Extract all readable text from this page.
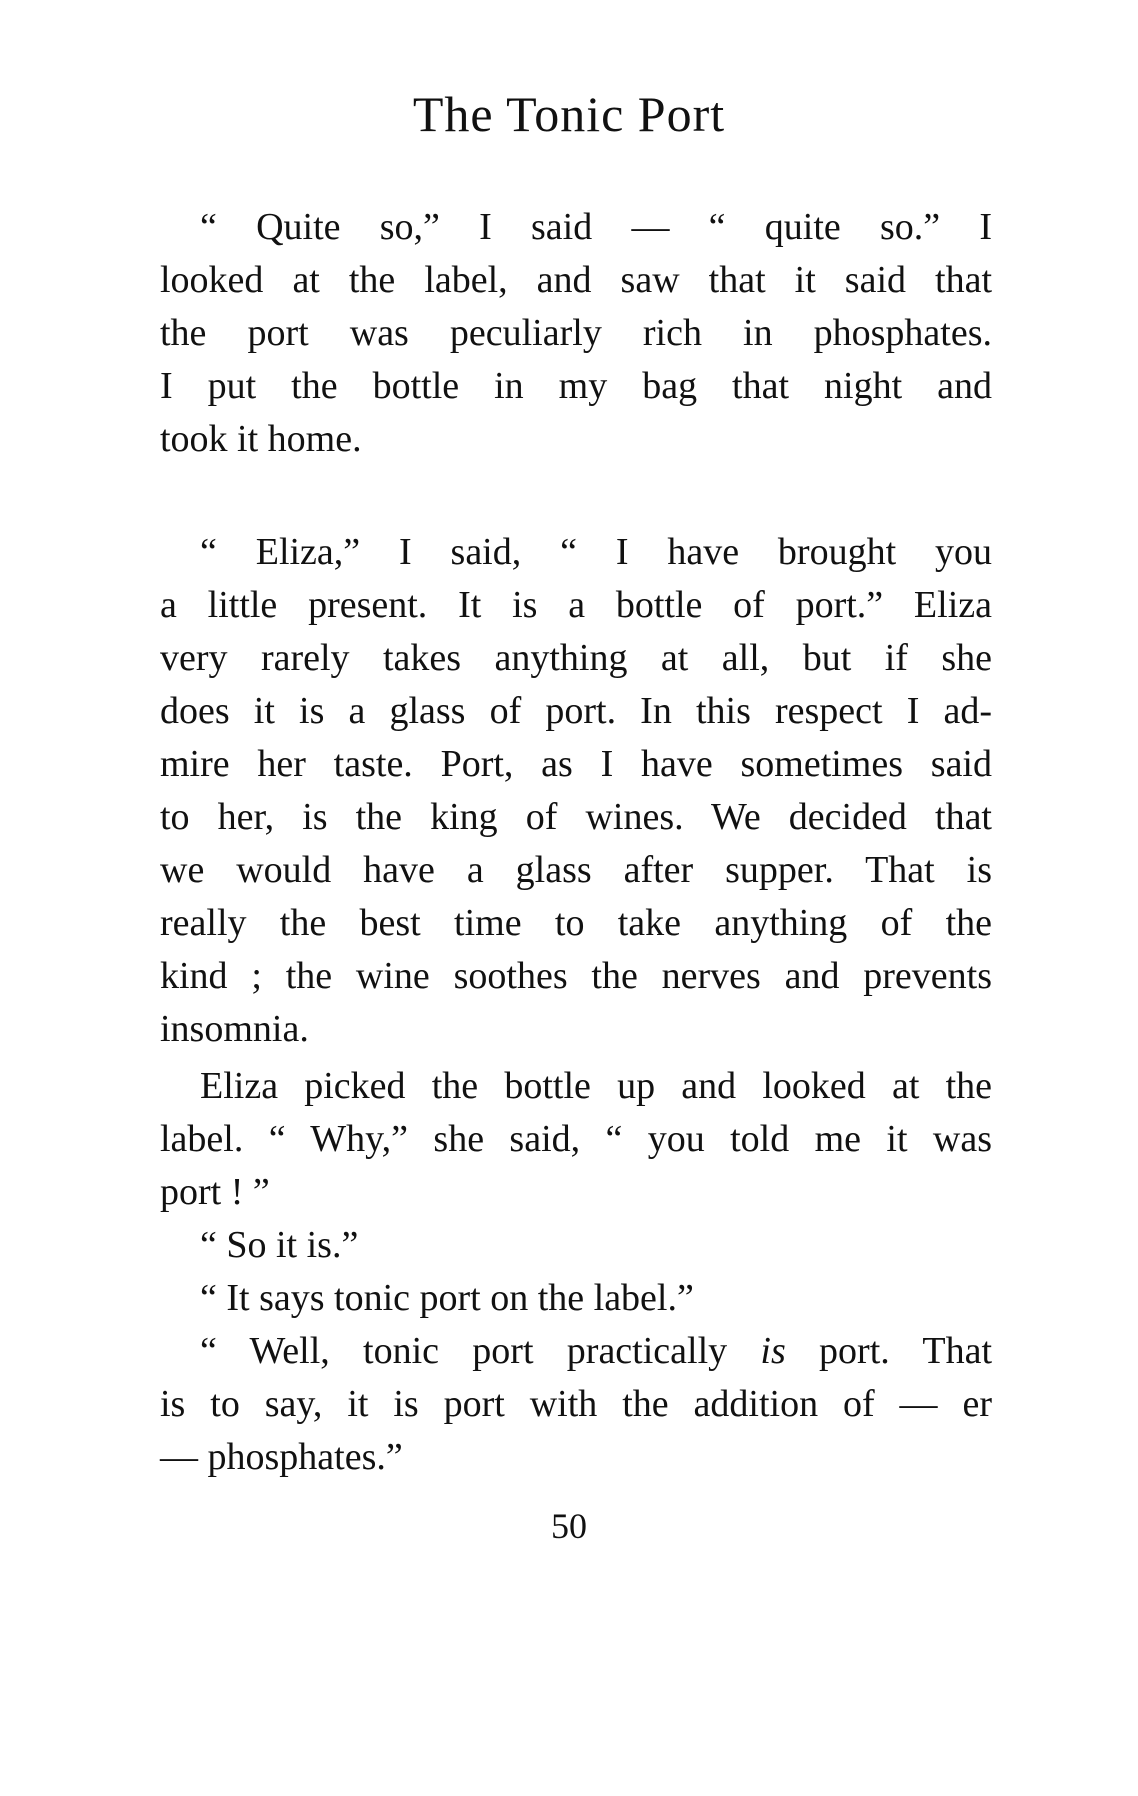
The Tonic Port
“ Quite so,” I said — “ quite so.” I
looked at the label, and saw that it said that
the port was peculiarly rich in phosphates.
I put the bottle in my bag that night and
took it home.
“ Eliza,” I said, “ I have brought you
a little present. It is a bottle of port.” Eliza
very rarely takes anything at all, but if she
does it is a glass of port. In this respect I ad-
mire her taste. Port, as I have sometimes said
to her, is the king of wines. We decided that
we would have a glass after supper. That is
really the best time to take anything of the
kind ; the wine soothes the nerves and prevents
insomnia.
Eliza picked the bottle up and looked at the
label. “ Why,” she said, “ you told me it was
port ! ”
“ So it is.”
“ It says tonic port on the label.”
“ Well, tonic port practically is port. That
is to say, it is port with the addition of — er
— phosphates.”
50
